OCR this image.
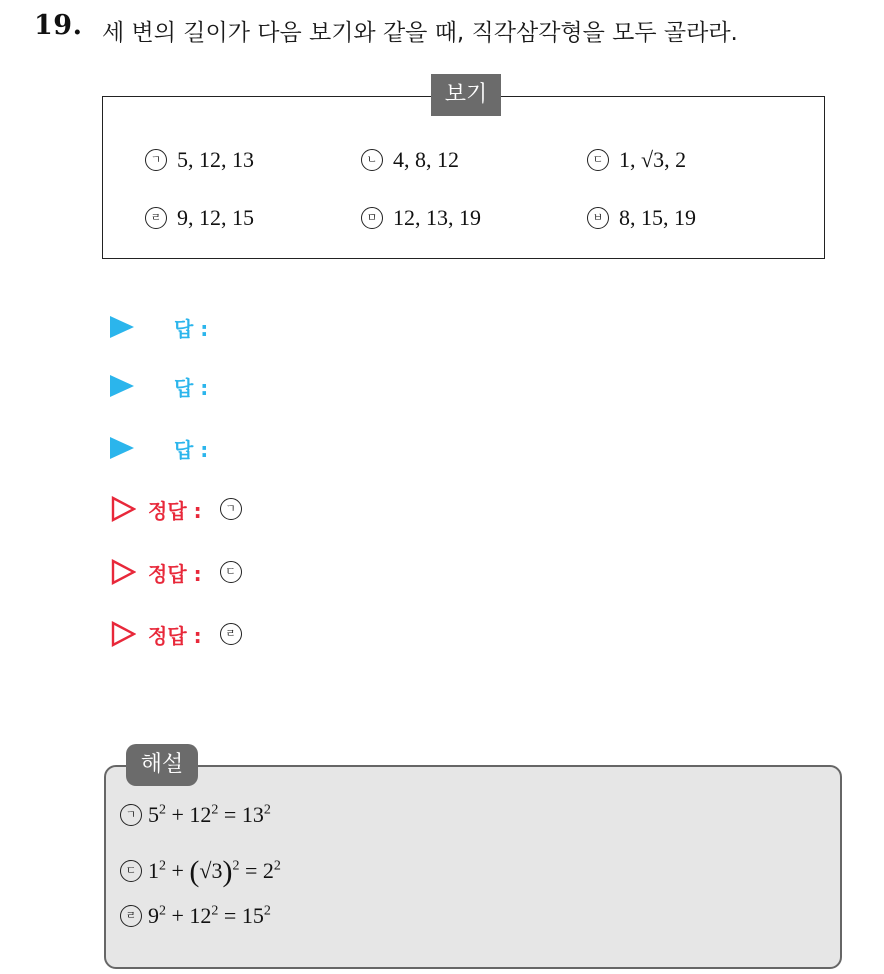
19. 세 변의 길이가 다음 보기와 같을 때, 직각삼각형을 모두 골라라.
보기
ㄱ 5, 12, 13	ㄴ 4, 8, 12	ㄷ 1, √3, 2
ㄹ 9, 12, 15	ㅁ 12, 13, 19	ㅂ 8, 15, 19
답 :
답 :
답 :
정답 :	ㄱ
정답 :	ㄷ
정답 :	ㄹ
해설
ㄱ $5^2 + 12^2 = 13^2$
ㄷ $1^2 + (√3)^2 = 2^2$
ㄹ $9^2 + 12^2 = 15^2$
